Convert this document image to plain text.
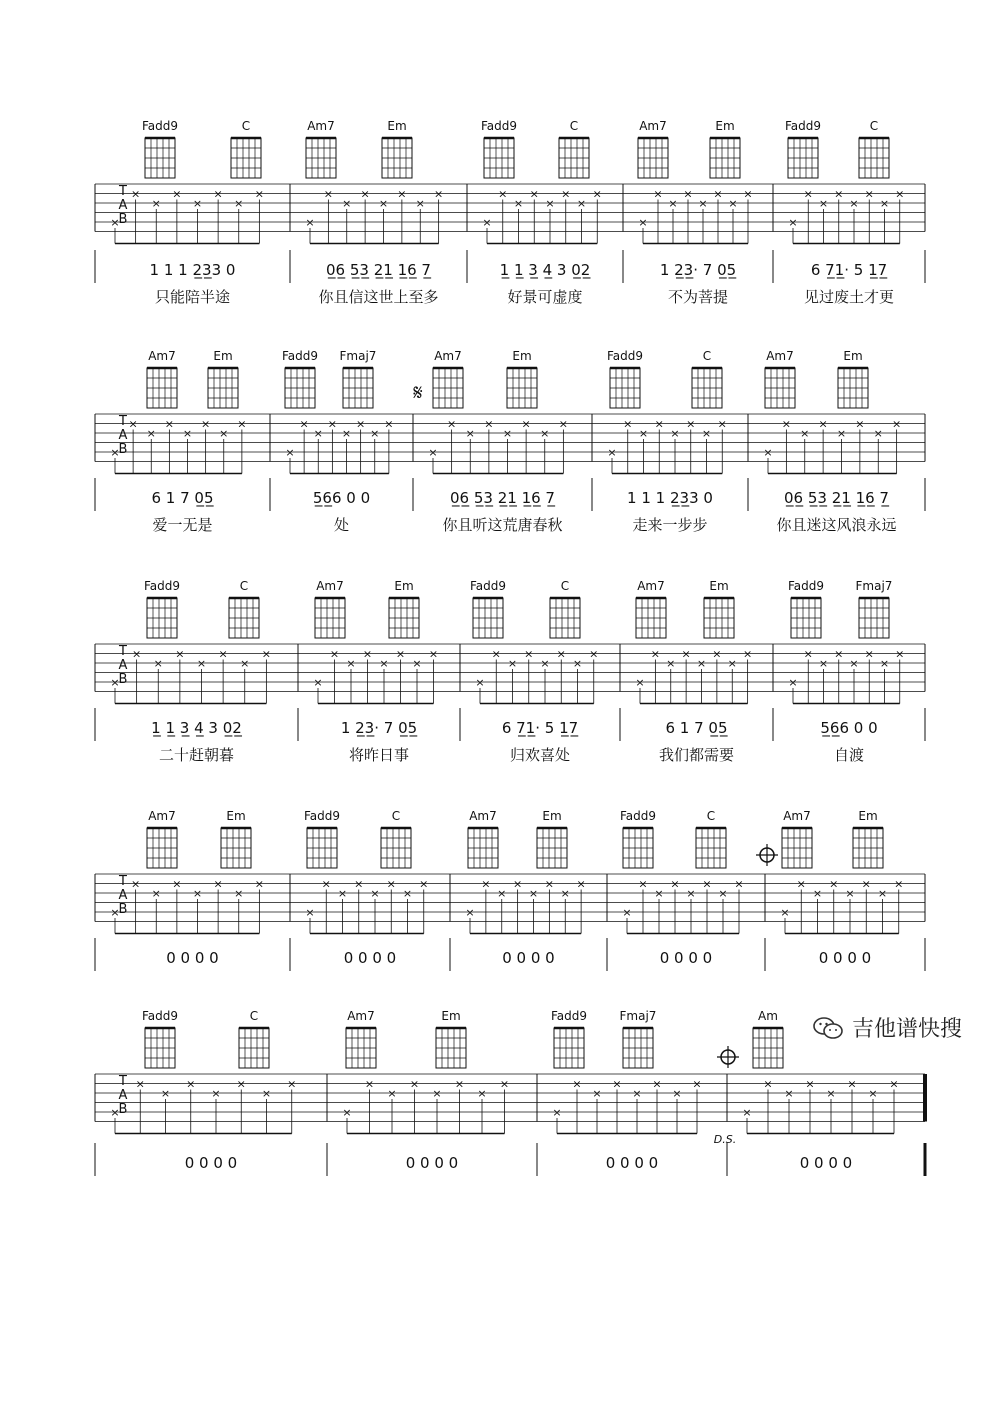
Fadd9	C	Am7	Em	Fadd9	C	Am7	Em	Fadd9	C
T
A
B
×
×
×
×
×
×
×
×
×
×
×
×
×
×
×
×
×
×
×
×
×
×
×
×
×
×
×
×
×
×
×
×
×
×
×
×
×
×
×
×
1 1 1 2̲3̲3 0	0̲6̲ 5̲3̲ 2̲1̲ 1̲6̲ 7̲	1̲ 1̲ 3̲ 4̲ 3 0̲2̲	1 2̲3̲· 7 0̲5̲	6 7̲1̲· 5 1̲7̲
只能陪半途	你且信这世上至多	好景可虚度	不为菩提	见过废土才更
Am7	Em	Fadd9 Fmaj7	Am7	Em	Fadd9	C	Am7	Em
T
A
B
×
×
×
×
×
×
×
×
×
×
×
×
×
×
×
×
×
×
×
×
×
×
×
×
×
×
×
×
×
×
×
×
×
×
×
×
×
×
×
×
6 1 7 0̲5̲	5̲6̲6 0 0	0̲6̲ 5̲3̲ 2̲1̲ 1̲6̲ 7̲	1 1 1 2̲3̲3 0	0̲6̲ 5̲3̲ 2̲1̲ 1̲6̲ 7̲
爱一无是	处	你且听这荒唐春秋	走来一步步	你且迷这风浪永远
Fadd9	C	Am7	Em	Fadd9	C	Am7	Em	Fadd9	Fmaj7
T
A
B
×
×
×
×
×
×
×
×
×
×
×
×
×
×
×
×
×
×
×
×
×
×
×
×
×
×
×
×
×
×
×
×
×
×
×
×
×
×
×
×
1̲ 1̲ 3̲ 4̲ 3 0̲2̲	1 2̲3̲· 7 0̲5̲	6 7̲1̲· 5 1̲7̲	6 1 7 0̲5̲	5̲6̲6 0 0
二十赶朝暮	将昨日事	归欢喜处	我们都需要	自渡
Am7	Em	Fadd9	C	Am7	Em	Fadd9	C	Am7	Em
T
A
B
×
×
×
×
×
×
×
×
×
×
×
×
×
×
×
×
×
×
×
×
×
×
×
×
×
×
×
×
×
×
×
×
×
×
×
×
×
×
×
×
0 0 0 0	0 0 0 0	0 0 0 0	0 0 0 0	0 0 0 0
Fadd9	C	Am7	Em	Fadd9	Fmaj7	Am
T
A
B
×
×
×
×
×
×
×
×
×
×
×
×
×
×
×
×
×
×
×
×
×
×
×
×
×
×
×
×
×
×
×
×
0 0 0 0	0 0 0 0	0 0 0 0	0 0 0 0
D.S.
𝄋
吉他谱快搜
